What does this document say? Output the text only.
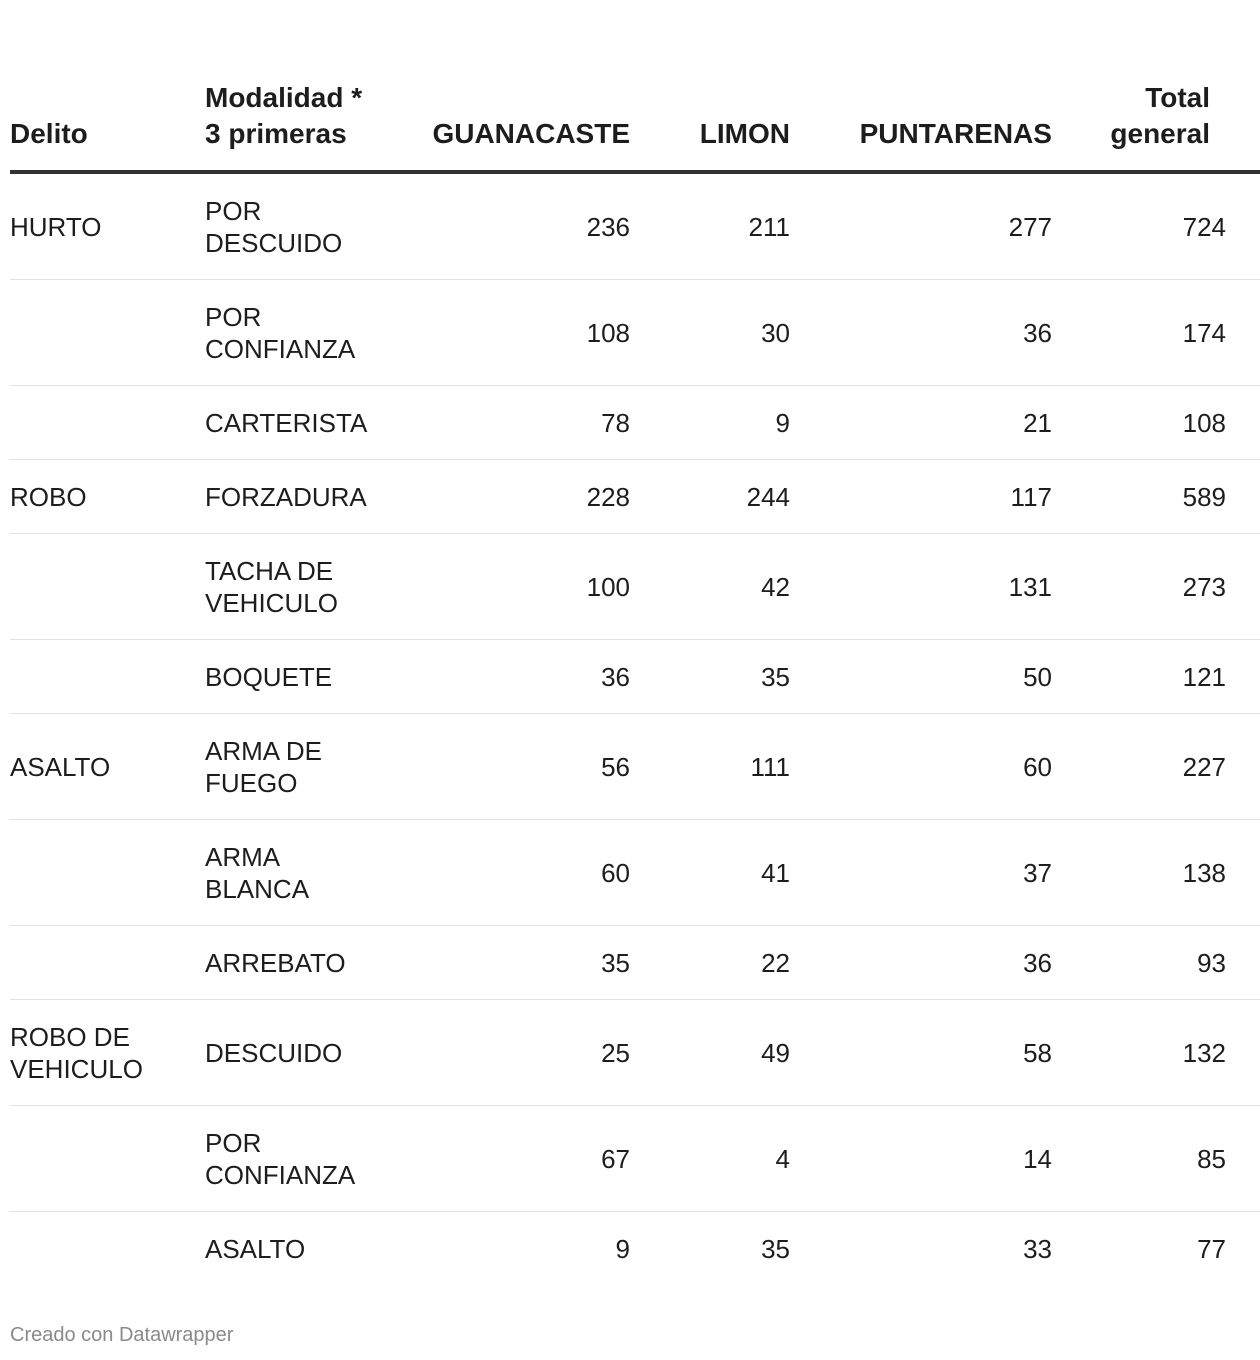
Delito	Modalidad * 3 primeras	GUANACASTE	LIMON	PUNTARENAS	Total general
HURTO	POR DESCUIDO	236	211	277	724
	POR CONFIANZA	108	30	36	174
	CARTERISTA	78	9	21	108
ROBO	FORZADURA	228	244	117	589
	TACHA DE VEHICULO	100	42	131	273
	BOQUETE	36	35	50	121
ASALTO	ARMA DE FUEGO	56	111	60	227
	ARMA BLANCA	60	41	37	138
	ARREBATO	35	22	36	93
ROBO DE VEHICULO	DESCUIDO	25	49	58	132
	POR CONFIANZA	67	4	14	85
	ASALTO	9	35	33	77
Creado con Datawrapper
